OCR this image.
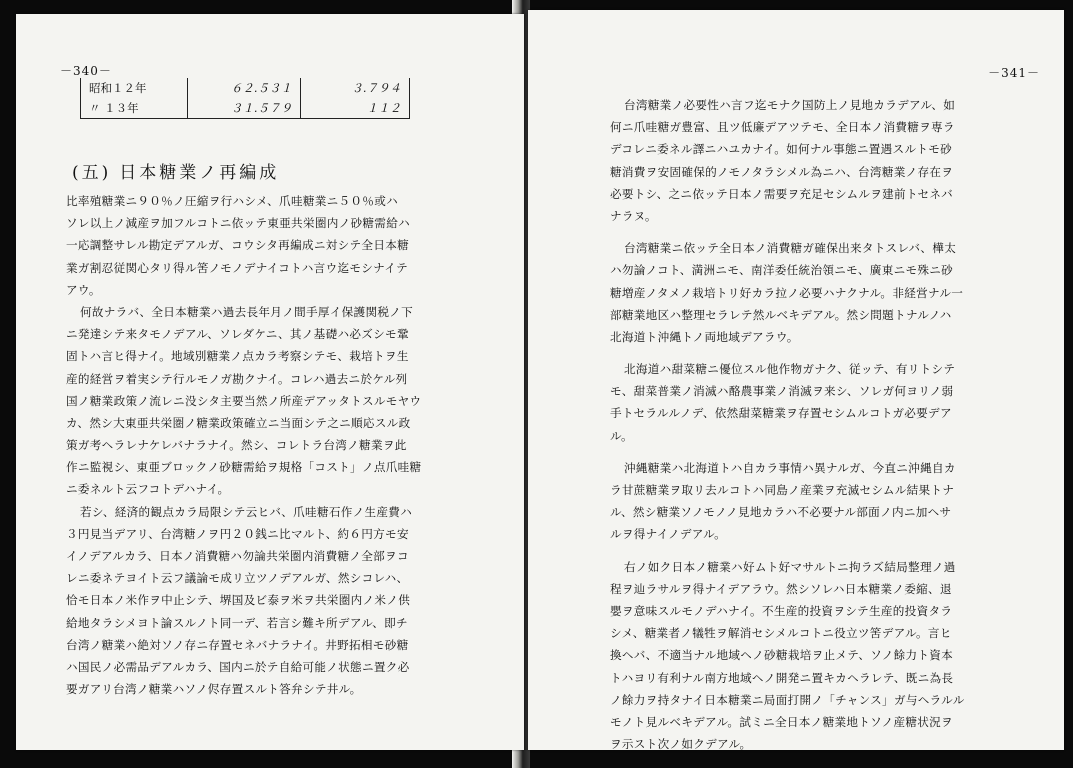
－340－
昭和１２年	６２.５３１	３.７９４
〃 １３年	３１.５７９	１１２
(五) 日本糖業ノ再編成

比率殖糖業ニ９０％ノ圧縮ヲ行ハシメ、爪哇糖業ニ５０％或ハ
ソレ以上ノ減産ヲ加フルコトニ依ッテ東亜共栄圏内ノ砂糖需給ハ
一応調整サレル勘定デアルガ、コウシタ再編成ニ対シテ全日本糖
業ガ割忍従関心タリ得ル筈ノモノデナイコトハ言ウ迄モシナイテ
アウ。

何故ナラバ、全日本糖業ハ過去長年月ノ間手厚イ保護関税ノ下
ニ発達シテ来タモノデアル、ソレダケニ、其ノ基礎ハ必ズシモ鞏
固トハ言ヒ得ナイ。地域別糖業ノ点カラ考察シテモ、栽培トヲ生
産的経営ヲ着実シテ行ルモノガ勘クナイ。コレハ過去ニ於ケル列
国ノ糖業政策ノ流レニ没シタ主要当然ノ所産デアッタトスルモヤウ
カ、然シ大東亜共栄圏ノ糖業政策確立ニ当面シテ之ニ順応スル政
策ガ考ヘラレナケレバナラナイ。然シ、コレトラ台湾ノ糖業ヲ此
作ニ監視シ、東亜ブロックノ砂糖需給ヲ規格「コスト」ノ点爪哇糖
ニ委ネルト云フコトデハナイ。

若シ、経済的観点カラ局限シテ云ヒバ、爪哇糖石作ノ生産費ハ
３円見当デアリ、台湾糖ノヲ円２０銭ニ比マルト、約６円方モ安
イノデアルカラ、日本ノ消費糖ハ勿論共栄圏内消費糖ノ全部ヲコ
レニ委ネテヨイト云フ議論モ成リ立ツノデアルガ、然シコレハ、
恰モ日本ノ米作ヲ中止シテ、堺国及ビ泰ヲ米ヲ共栄圏内ノ米ノ供
給地タラシメヨト論スルノト同一デ、若言シ難キ所デアル、即チ
台湾ノ糖業ハ絶対ソノ存ニ存置セネバナラナイ。井野拓相モ砂糖
ハ国民ノ必需品デアルカラ、国内ニ於テ自給可能ノ状態ニ置ク必
要ガアリ台湾ノ糖業ハソノ侭存置スルト答弁シテ井ル。

－341－

台湾糖業ノ必要性ハ言フ迄モナク国防上ノ見地カラデアル、如
何ニ爪哇糖ガ豊富、且ツ低廉デアツテモ、全日本ノ消費糖ヲ専ラ
デコレニ委ネル譯ニハユカナイ。如何ナル事態ニ置遇スルトモ砂
糖消費ヲ安固確保的ノモノタラシメル為ニハ、台湾糖業ノ存在ヲ
必要トシ、之ニ依ッテ日本ノ需要ヲ充足セシムルヲ建前トセネバ
ナラヌ。

台湾糖業ニ依ッテ全日本ノ消費糖ガ確保出来タトスレバ、樺太
ハ勿論ノコト、満洲ニモ、南洋委任統治領ニモ、廣東ニモ殊ニ砂
糖増産ノタメノ栽培トリ好カラ拉ノ必要ハナクナル。非経営ナル一
部糖業地区ハ整理セラレテ然ルベキデアル。然シ問題トナルノハ
北海道ト沖縄トノ両地域デアラウ。

北海道ハ甜菜糖ニ優位スル他作物ガナク、従ッテ、有リトシテ
モ、甜菜普業ノ消滅ハ酪農事業ノ消滅ヲ来シ、ソレガ何ヨリノ弱
手トセラルルノデ、依然甜菜糖業ヲ存置セシムルコトガ必要デア
ル。

沖縄糖業ハ北海道トハ自カラ事情ハ異ナルガ、今直ニ沖縄自カ
ラ甘蔗糖業ヲ取リ去ルコトハ同島ノ産業ヲ充滅セシムル結果トナ
ル、然シ糖業ソノモノノ見地カラハ不必要ナル部面ノ内ニ加ヘサ
ルヲ得ナイノデアル。

右ノ如ク日本ノ糖業ハ好ムト好マサルトニ拘ラズ結局整理ノ過
程ヲ辿ラサルヲ得ナイデアラウ。然シソレハ日本糖業ノ委縮、退
嬰ヲ意味スルモノデハナイ。不生産的投資ヲシテ生産的投資タラ
シメ、糖業者ノ犠牲ヲ解消セシメルコトニ役立ツ筈デアル。言ヒ
換ヘバ、不適当ナル地域ヘノ砂糖栽培ヲ止メテ、ソノ餘力ト資本
トハヨリ有利ナル南方地域ヘノ開発ニ置キカヘラレテ、既ニ為長
ノ餘力ヲ持タナイ日本糖業ニ局面打開ノ「チャンス」ガ与ヘラルル
モノト見ルベキデアル。試ミニ全日本ノ糖業地トソノ産糖状況ヲ
ヲ示スト次ノ如クデアル。
